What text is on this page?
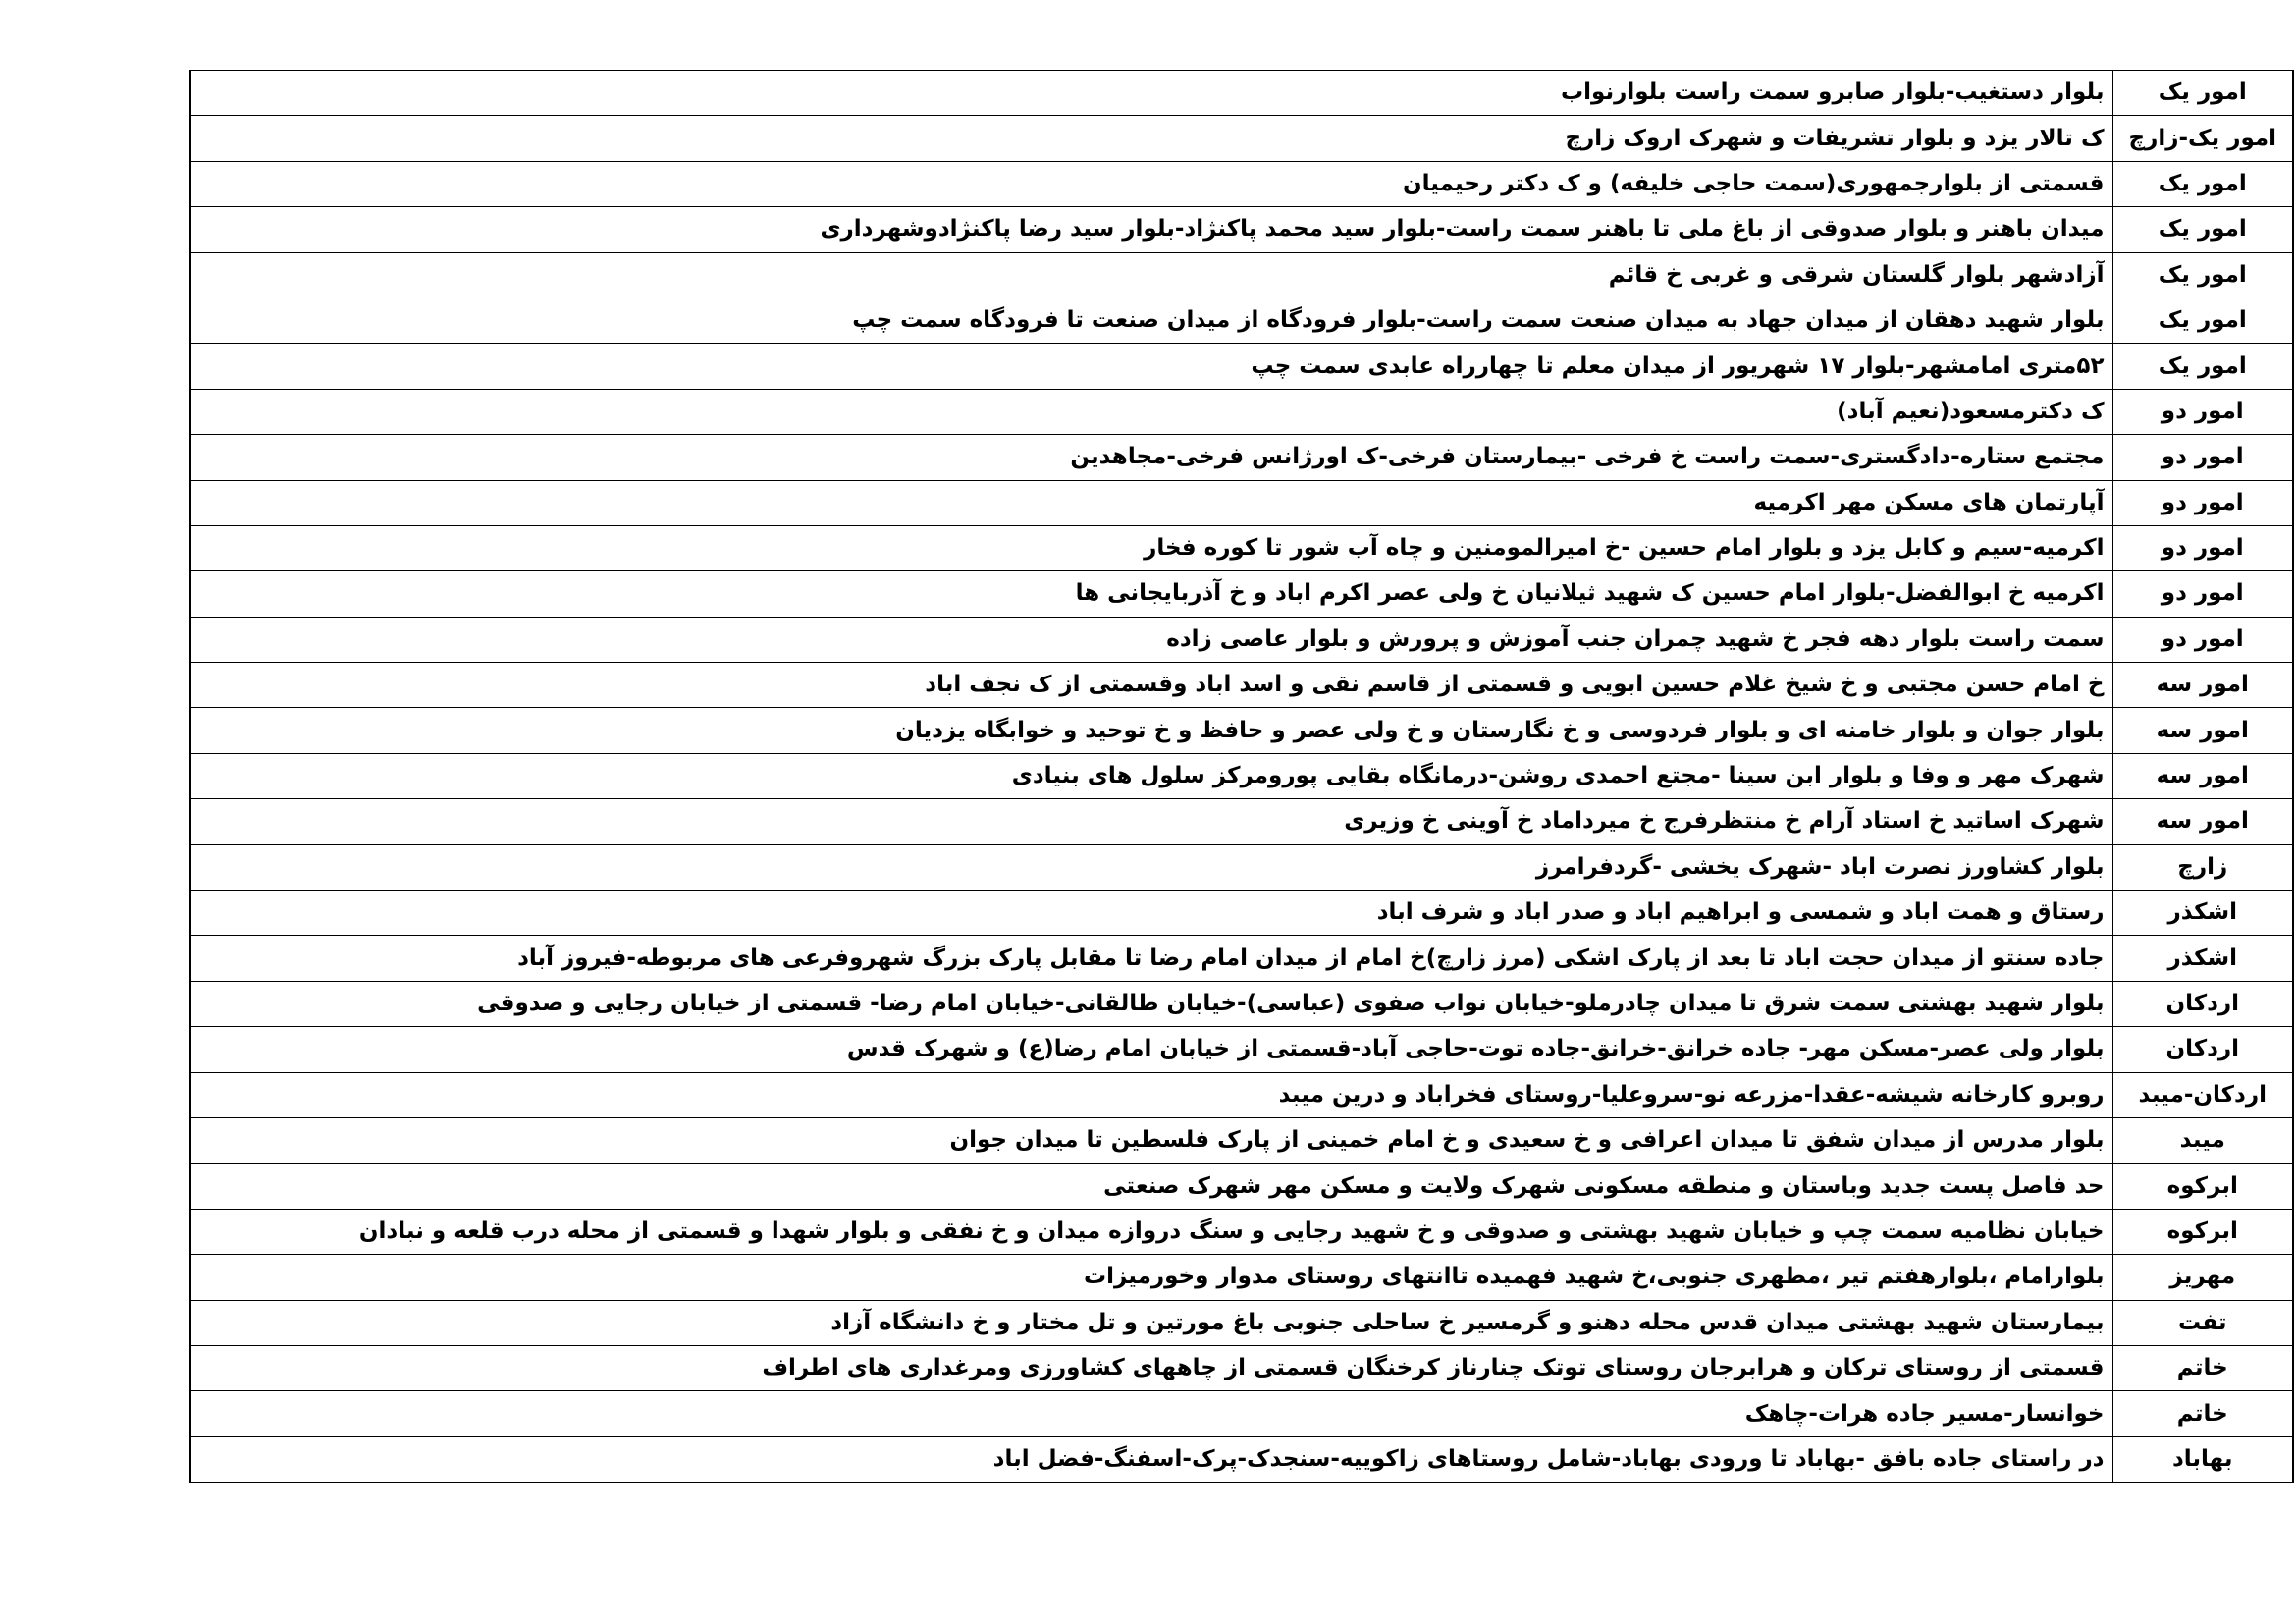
امور یک	بلوار دستغیب-بلوار صابرو سمت راست بلوارنواب
امور یک-زارچ	ک تالار یزد و بلوار تشریفات و شهرک اروک زارچ
امور یک	قسمتی از بلوارجمهوری(سمت حاجی خلیفه) و ک دکتر رحیمیان
امور یک	میدان باهنر و بلوار صدوقی از باغ ملی تا باهنر سمت راست-بلوار سید محمد پاکنژاد-بلوار سید رضا پاکنژادوشهرداری
امور یک	آزادشهر بلوار گلستان شرقی و غربی خ قائم
امور یک	بلوار شهید دهقان از میدان جهاد به میدان صنعت سمت راست-بلوار فرودگاه از میدان صنعت تا فرودگاه سمت چپ
امور یک	۵۲متری امامشهر-بلوار ۱۷ شهریور از میدان معلم تا چهارراه عابدی سمت چپ
امور دو	ک دکترمسعود(نعیم آباد)
امور دو	مجتمع ستاره-دادگستری-سمت راست خ فرخی -بیمارستان فرخی-ک اورژانس فرخی-مجاهدین
امور دو	آپارتمان های مسکن مهر اکرمیه
امور دو	اکرمیه-سیم و کابل یزد و بلوار امام حسین -خ امیرالمومنین و چاه آب شور تا کوره فخار
امور دو	اکرمیه خ ابوالفضل-بلوار امام حسین ک شهید ثیلانیان خ ولی عصر اکرم اباد و خ آذربایجانی ها
امور دو	سمت راست بلوار دهه فجر خ شهید چمران جنب آموزش و پرورش و بلوار عاصی زاده
امور سه	خ امام حسن مجتبی و خ شیخ غلام حسین ابویی و قسمتی از قاسم نقی و اسد اباد وقسمتی از ک نجف اباد
امور سه	بلوار جوان و بلوار خامنه ای و بلوار فردوسی و خ نگارستان و خ ولی عصر و حافظ و خ توحید و خوابگاه یزدیان
امور سه	شهرک مهر و وفا و بلوار ابن سینا -مجتع احمدی روشن-درمانگاه بقایی پورومرکز سلول های بنیادی
امور سه	شهرک اساتید خ استاد آرام خ منتظرفرج خ میرداماد خ آوینی خ وزیری
زارچ	بلوار کشاورز نصرت اباد -شهرک یخشی -گردفرامرز
اشکذر	رستاق و همت اباد و شمسی و ابراهیم اباد و صدر اباد و شرف اباد
اشکذر	جاده سنتو از میدان حجت اباد تا بعد از پارک اشکی (مرز زارچ)خ امام از میدان امام رضا تا مقابل پارک بزرگ شهروفرعی های مربوطه-فیروز آباد
اردکان	بلوار شهید بهشتی سمت شرق تا میدان چادرملو-خیابان نواب صفوی (عباسی)-خیابان طالقانی-خیابان امام رضا- قسمتی از خیابان رجایی و صدوقی
اردکان	بلوار ولی عصر-مسکن مهر- جاده خرانق-خرانق-جاده توت-حاجی آباد-قسمتی از خیابان امام رضا(ع) و شهرک قدس
اردکان-میبد	روبرو کارخانه شیشه-عقدا-مزرعه نو-سروعلیا-روستای فخراباد و درین میبد
میبد	بلوار مدرس از میدان شفق تا میدان اعرافی و خ سعیدی و خ امام خمینی از پارک فلسطین تا میدان جوان
ابرکوه	حد فاصل پست جدید وباستان و منطقه مسکونی شهرک ولایت و مسکن مهر شهرک صنعتی
ابرکوه	خیابان نظامیه سمت چپ و خیابان شهید بهشتی و صدوقی و خ شهید رجایی و سنگ دروازه میدان و خ نفقی و بلوار شهدا و قسمتی از محله درب قلعه و نبادان
مهریز	بلوارامام ،بلوارهفتم تیر ،مطهری جنوبی،خ شهید فهمیده تاانتهای روستای مدوار وخورمیزات
تفت	بیمارستان شهید بهشتی میدان قدس محله دهنو و گرمسیر خ ساحلی جنوبی باغ مورتین و تل مختار و خ دانشگاه آزاد
خاتم	قسمتی از روستای ترکان و هرابرجان روستای توتک چنارناز کرخنگان قسمتی از چاههای کشاورزی ومرغداری های اطراف
خاتم	خوانسار-مسیر جاده هرات-چاهک
بهاباد	در راستای جاده بافق -بهاباد تا ورودی بهاباد-شامل روستاهای زاکوییه-سنجدک-پرک-اسفنگ-فضل اباد
